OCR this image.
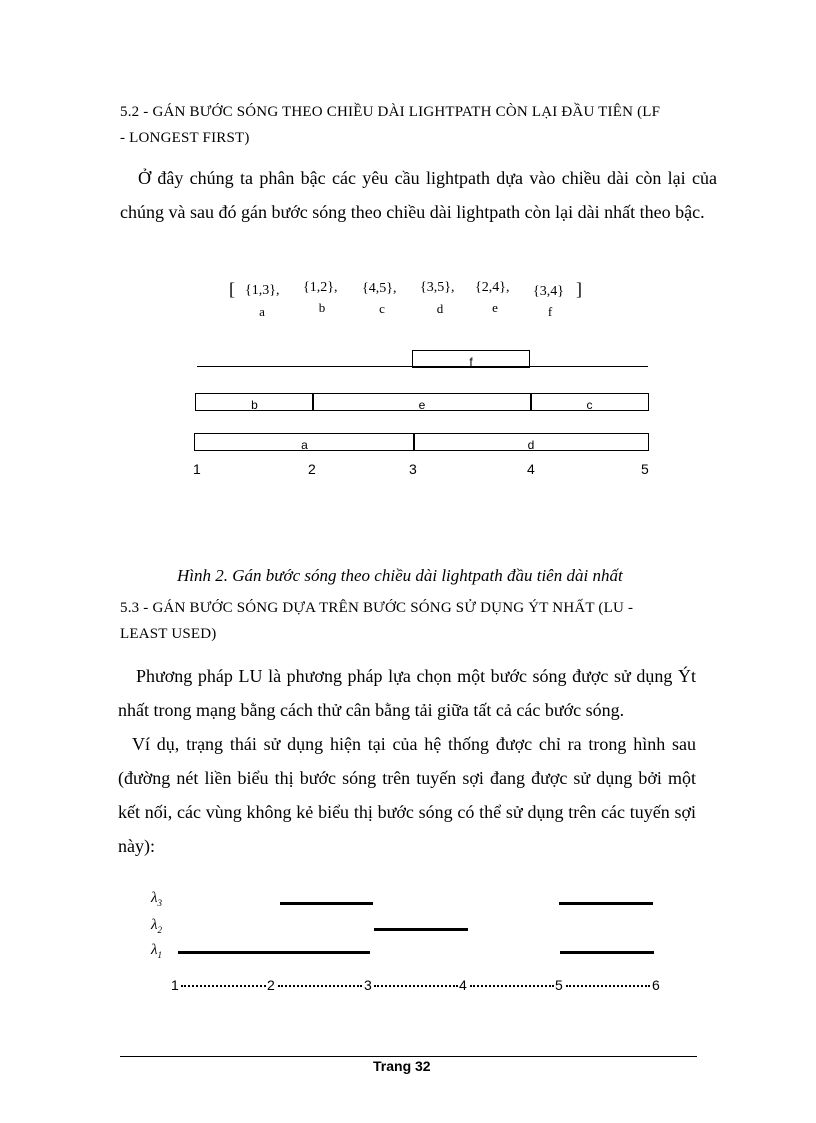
5.2 - GÁN BƯỚC SÓNG THEO CHIỀU DÀI LIGHTPATH CÒN LẠI ĐẦU TIÊN (LF
- LONGEST FIRST)
Ở đây chúng ta phân bậc các yêu cầu lightpath dựa vào chiều dài còn lại của chúng và sau đó gán bước sóng theo chiều dài lightpath còn lại dài nhất theo bậc.
[	]
{1,3},
a
{1,2},
b
{4,5},
c
{3,5},
d
{2,4},
e
{3,4}
f
f
b	e	c
a	d
1	2	3	4	5
Hình 2. Gán bước sóng theo chiều dài lightpath đầu tiên dài nhất
5.3 - GÁN BƯỚC SÓNG DỰA TRÊN BƯỚC SÓNG SỬ DỤNG ÝT NHẤT (LU -
LEAST USED)
Phương pháp LU là phương pháp lựa chọn một bước sóng được sử dụng Ýt nhất trong mạng bằng cách thử cân bằng tải giữa tất cả các bước sóng.
Ví dụ, trạng thái sử dụng hiện tại của hệ thống được chỉ ra trong hình sau (đường nét liền biểu thị bước sóng trên tuyến sợi đang được sử dụng bởi một kết nối, các vùng không kẻ biểu thị bước sóng có thể sử dụng trên các tuyến sợi này):
$\lambda_3$
$\lambda_2$
$\lambda_1$
1	2	3	4	5	6
Trang 32
